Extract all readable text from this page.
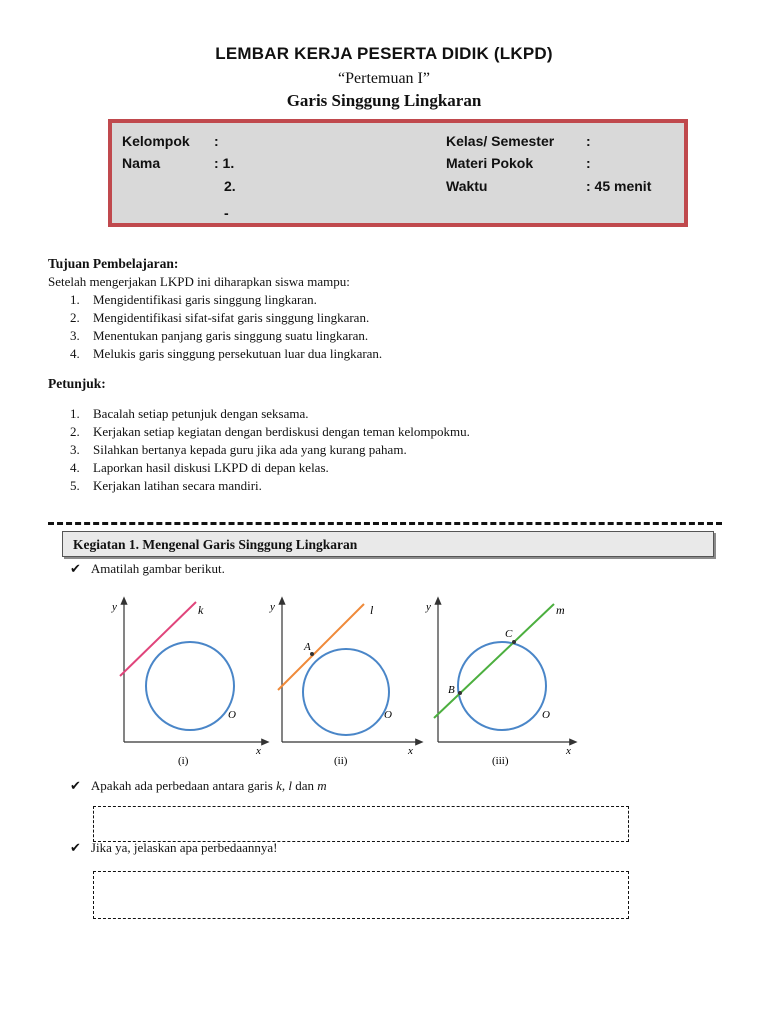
LEMBAR KERJA PESERTA DIDIK (LKPD)
“Pertemuan I”
Garis Singgung Lingkaran
Kelompok :
Nama	: 1.
2.
-
Kelas/ Semester :
Materi Pokok	:
Waktu	: 45 menit
Tujuan Pembelajaran:
Setelah mengerjakan LKPD ini diharapkan siswa mampu:
1. Mengidentifikasi garis singgung lingkaran.
2. Mengidentifikasi sifat-sifat garis singgung lingkaran.
3. Menentukan panjang garis singgung suatu lingkaran.
4. Melukis garis singgung persekutuan luar dua lingkaran.
Petunjuk:
1. Bacalah setiap petunjuk dengan seksama.
2. Kerjakan setiap kegiatan dengan berdiskusi dengan teman kelompokmu.
3. Silahkan bertanya kepada guru jika ada yang kurang paham.
4. Laporkan hasil diskusi LKPD di depan kelas.
5. Kerjakan latihan secara mandiri.
Kegiatan 1. Mengenal Garis Singgung Lingkaran
✔ Amatilah gambar berikut.
k
O
x
y
(i)
A
l
O
x
y
(ii)
B
C
m
O
x
y
(iii)
✔ Apakah ada perbedaan antara garis k, l dan m
✔ Jika ya, jelaskan apa perbedaannya!
